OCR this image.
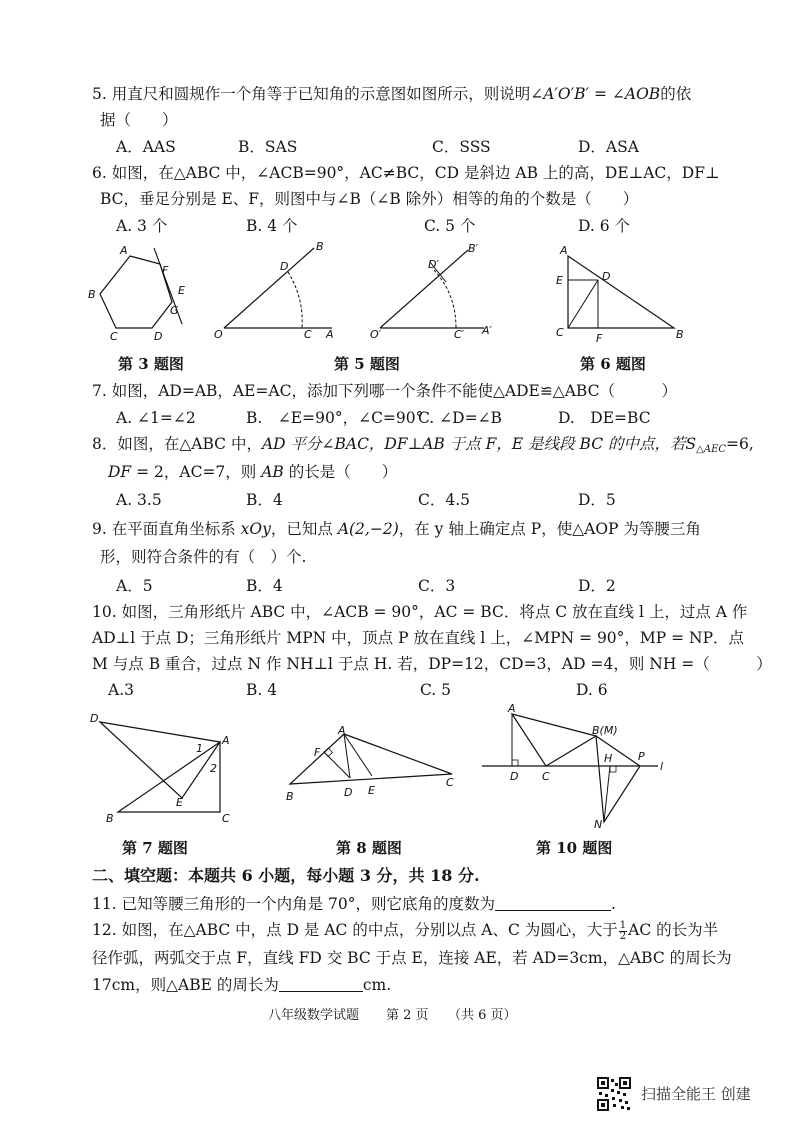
5. 用直尺和圆规作一个角等于已知角的示意图如图所示，则说明∠A′O′B′ = ∠AOB的依
据（　　）
A．AAS	B．SAS	C．SSS	D．ASA
6. 如图，在△ABC 中，∠ACB=90°，AC≠BC，CD 是斜边 AB 上的高，DE⊥AC，DF⊥
BC，垂足分别是 E、F，则图中与∠B（∠B 除外）相等的角的个数是（　　）
A. 3 个	B. 4 个	C. 5 个	D. 6 个
A
B
C	D
E
F
G
O	C A
D
B
O′	C′ A′
D′
B′	A
E	D
C	F	B
第 3 题图	第 5 题图	第 6 题图
7. 如图，AD=AB，AE=AC，添加下列哪一个条件不能使△ADE≌△ABC（　　　）
A. ∠1=∠2	B.　∠E=90°，∠C=90°
C. ∠D=∠B	D.　DE=BC
8．如图，在△ABC 中，AD 平分∠BAC，DF⊥AB 于点 F，E 是线段 BC 的中点，若$S_{\triangle AEC}=6$,
DF = 2，AC=7，则 AB 的长是（　　）
A. 3.5	B．4	C．4.5	D．5
9. 在平面直角坐标系 xOy，已知点 A(2,−2)，在 y 轴上确定点 P，使△AOP 为等腰三角
形，则符合条件的有（　）个.
A．5	B．4	C．3	D．2
10. 如图，三角形纸片 ABC 中，∠ACB = 90°，AC = BC．将点 C 放在直线 l 上，过点 A 作
AD⊥l 于点 D；三角形纸片 MPN 中，顶点 P 放在直线 l 上，∠MPN = 90°，MP = NP．点
M 与点 B 重合，过点 N 作 NH⊥l 于点 H. 若，DP=12，CD=3，AD =4，则 NH =（　　　）
A.3	B. 4	C. 5	D. 6
D
A
1
2
E
B	C
A
F
D E
B
C
A
B(M)
P
l
D C
H
N
第 7 题图	第 8 题图	第 10 题图
二、填空题：本题共 6 小题，每小题 3 分，共 18 分.
11. 已知等腰三角形的一个内角是 70°，则它底角的度数为	.
12. 如图，在△ABC 中，点 D 是 AC 的中点，分别以点 A、C 为圆心，大于 $\frac{1}{2}$ AC 的长为半
径作弧，两弧交于点 F，直线 FD 交 BC 于点 E，连接 AE，若 AD=3cm，△ABC 的周长为
17cm，则△ABE 的周长为	cm.
八年级数学试题 第 2 页 （共 6 页）
扫描全能王 创建
